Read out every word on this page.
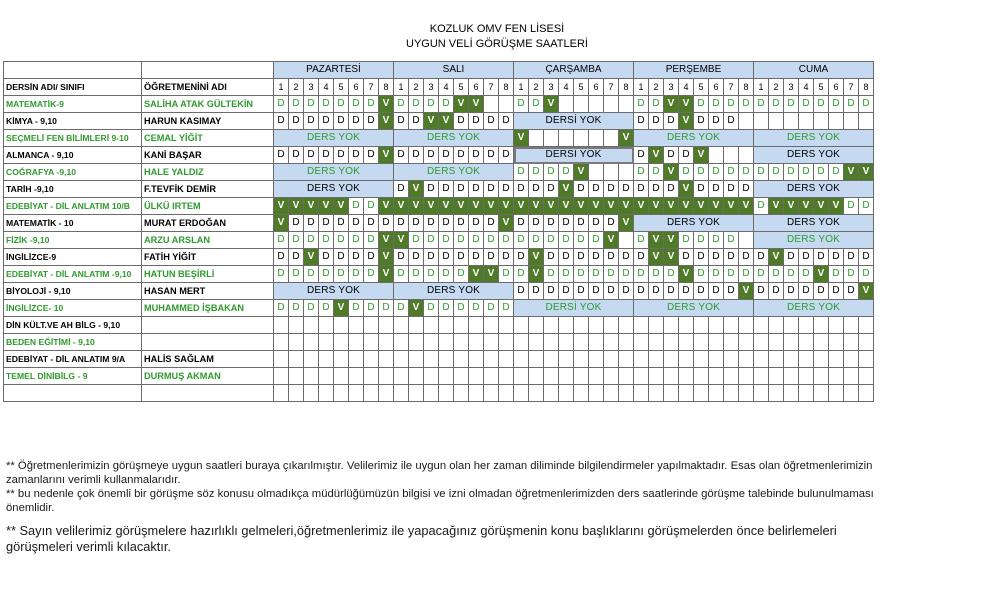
KOZLUK OMV FEN LİSESİ
UYGUN VELİ GÖRÜŞME SAATLERİ
		PAZARTESİ								SALI								ÇARŞAMBA								PERŞEMBE								CUMA							
DERSİN ADI/ SINIFI	ÖĞRETMENİNİ ADI	1	2	3	4	5	6	7	8	1	2	3	4	5	6	7	8	1	2	3	4	5	6	7	8	1	2	3	4	5	6	7	8	1	2	3	4	5	6	7	8
MATEMATİK-9	SALİHA ATAK GÜLTEKİN	D	D	D	D	D	D	D	V	D	D	D	D	V	V			D	D	V						D	D	V	V	D	D	D	D	D	D	D	D	D	D	D	D
KİMYA - 9,10	HARUN KASIMAY	D	D	D	D	D	D	D	V	D	D	V	V	D	D	D	D	DERSİ YOK								D	D	D	V	D	D	D									
SEÇMELİ FEN BİLİMLERİ 9-10	CEMAL YİĞİT	DERS YOK								DERS YOK								V							V	DERS YOK								DERS YOK							
ALMANCA - 9,10	KANİ BAŞAR	D	D	D	D	D	D	D	V	D	D	D	D	D	D	D	D	DERSİ YOK								D	V	D	D	V				DERS YOK							
COĞRAFYA -9,10	HALE YALDIZ	DERS YOK								DERS YOK								D	D	D	D	V				D	D	V	D	D	D	D	D	D	D	D	D	D	D	V	V
TARİH -9,10	F.TEVFİK DEMİR	DERS YOK								D	V	D	D	D	D	D	D	D	D	D	V	D	D	D	D	D	D	D	V	D	D	D	D	DERS YOK							
EDEBİYAT - DİL ANLATIM 10/B	ÜLKÜ IRTEM	V	V	V	V	V	D	D	V	V	V	V	V	V	V	V	V	V	V	V	V	V	V	V	V	V	V	V	V	V	V	V	V	D	V	V	V	V	V	D	D
MATEMATİK - 10	MURAT ERDOĞAN	V	D	D	D	D	D	D	D	D	D	D	D	D	D	D	V	D	D	D	D	D	D	D	V	DERS YOK								DERS YOK							
FİZİK -9,10	ARZU ARSLAN	D	D	D	D	D	D	D	V	V	D	D	D	D	D	D	D	D	D	D	D	D	D	V		D	V	V	D	D	D	D		DERS YOK							
İNGİLİZCE-9	FATİH YİĞİT	D	D	V	D	D	D	D	V	D	D	D	D	D	D	D	D	D	V	D	D	D	D	D	D	D	V	V	D	D	D	D	D	D	V	D	D	D	D	D	D
EDEBİYAT - DİL ANLATIM -9,10	HATUN BEŞİRLİ	D	D	D	D	D	D	D	V	D	D	D	D	D	V	V	D	D	V	D	D	D	D	D	D	D	D	D	V	D	D	D	D	D	D	D	D	V	D	D	D
BİYOLOJİ - 9,10	HASAN MERT	DERS YOK								DERS YOK								D	D	D	D	D	D	D	D	D	D	D	D	D	D	D	V	D	D	D	D	D	D	D	V
İNGİLİZCE- 10	MUHAMMED İŞBAKAN	D	D	D	D	V	D	D	D	D	V	D	D	D	D	D	D	DERSİ YOK								DERS YOK								DERS YOK							
DİN KÜLT.VE AH BİLG - 9,10																																									
BEDEN EĞİTİMİ - 9,10																																									
EDEBİYAT - DİL ANLATIM 9/A	HALİS SAĞLAM																																								
TEMEL DİNİBİLG - 9	DURMUŞ AKMAN																																								

** Öğretmenlerimizin görüşmeye uygun saatleri buraya çıkarılmıştır. Velilerimiz ile uygun olan her zaman diliminde bilgilendirmeler yapılmaktadır. Esas olan öğretmenlerimizin zamanlarını verimli kullanmalarıdır.

** bu nedenle çok önemli bir görüşme söz konusu olmadıkça müdürlüğümüzün bilgisi ve izni olmadan öğretmenlerimizden ders saatlerinde görüşme talebinde bulunulmaması önemlidir.

** Sayın velilerimiz görüşmelere hazırlıklı gelmeleri,öğretmenlerimiz ile yapacağınız görüşmenin konu başlıklarını görüşmelerden önce belirlemeleri görüşmeleri verimli kılacaktır.
